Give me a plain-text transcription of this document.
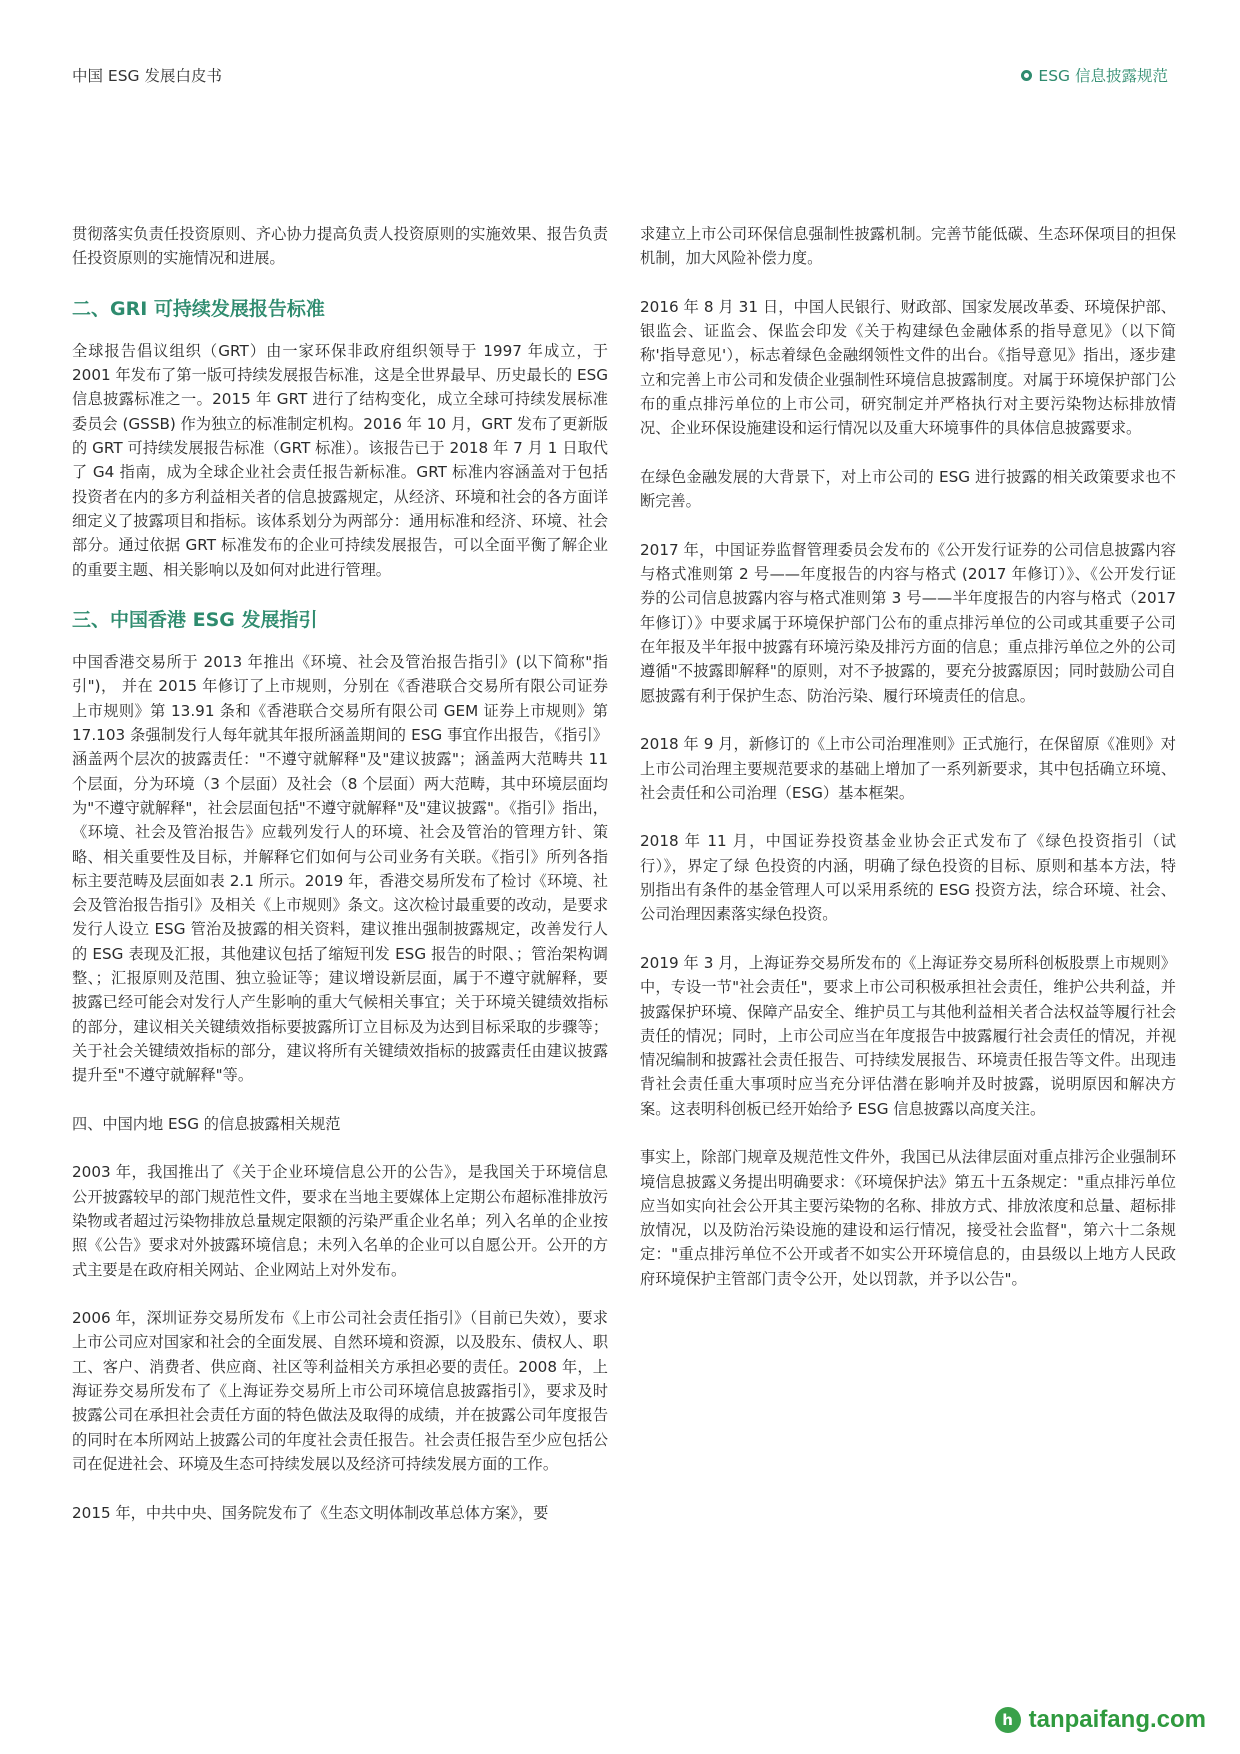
中国 ESG 发展白皮书	ESG 信息披露规范

贯彻落实负责任投资原则、齐心协力提高负责人投资原则的实施效果、报告负责任投资原则的实施情况和进展。

二、GRI 可持续发展报告标准

全球报告倡议组织（GRT）由一家环保非政府组织领导于 1997 年成立，于 2001 年发布了第一版可持续发展报告标准，这是全世界最早、历史最长的 ESG 信息披露标准之一。2015 年 GRT 进行了结构变化，成立全球可持续发展标准委员会 (GSSB) 作为独立的标准制定机构。2016 年 10 月，GRT 发布了更新版的 GRT 可持续发展报告标准（GRT 标准）。该报告已于 2018 年 7 月 1 日取代了 G4 指南，成为全球企业社会责任报告新标准。GRT 标准内容涵盖对于包括投资者在内的多方利益相关者的信息披露规定，从经济、环境和社会的各方面详细定义了披露项目和指标。该体系划分为两部分：通用标准和经济、环境、社会部分。通过依据 GRT 标准发布的企业可持续发展报告，可以全面平衡了解企业的重要主题、相关影响以及如何对此进行管理。

三、中国香港 ESG 发展指引

中国香港交易所于 2013 年推出《环境、社会及管治报告指引》(以下简称"指引")， 并在 2015 年修订了上市规则，分别在《香港联合交易所有限公司证券上市规则》第 13.91 条和《香港联合交易所有限公司 GEM 证券上市规则》第 17.103 条强制发行人每年就其年报所涵盖期间的 ESG 事宜作出报告，《指引》涵盖两个层次的披露责任："不遵守就解释"及"建议披露"；涵盖两大范畴共 11 个层面，分为环境（3 个层面）及社会（8 个层面）两大范畴，其中环境层面均为"不遵守就解释"，社会层面包括"不遵守就解释"及"建议披露"。《指引》指出，《环境、社会及管治报告》应载列发行人的环境、社会及管治的管理方针、策略、相关重要性及目标，并解释它们如何与公司业务有关联。《指引》所列各指标主要范畴及层面如表 2.1 所示。2019 年，香港交易所发布了检讨《环境、社会及管治报告指引》及相关《上市规则》条文。这次检讨最重要的改动，是要求发行人设立 ESG 管治及披露的相关资料，建议推出强制披露规定，改善发行人的 ESG 表现及汇报，其他建议包括了缩短刊发 ESG 报告的时限、；管治架构调整、；汇报原则及范围、独立验证等；建议增设新层面，属于不遵守就解释，要披露已经可能会对发行人产生影响的重大气候相关事宜；关于环境关键绩效指标的部分，建议相关关键绩效指标要披露所订立目标及为达到目标采取的步骤等；关于社会关键绩效指标的部分，建议将所有关键绩效指标的披露责任由建议披露提升至"不遵守就解释"等。

四、中国内地 ESG 的信息披露相关规范

2003 年，我国推出了《关于企业环境信息公开的公告》，是我国关于环境信息公开披露较早的部门规范性文件，要求在当地主要媒体上定期公布超标准排放污染物或者超过污染物排放总量规定限额的污染严重企业名单；列入名单的企业按照《公告》要求对外披露环境信息；未列入名单的企业可以自愿公开。公开的方式主要是在政府相关网站、企业网站上对外发布。

2006 年，深圳证券交易所发布《上市公司社会责任指引》（目前已失效），要求上市公司应对国家和社会的全面发展、自然环境和资源，以及股东、债权人、职工、客户、消费者、供应商、社区等利益相关方承担必要的责任。2008 年，上海证券交易所发布了《上海证券交易所上市公司环境信息披露指引》，要求及时披露公司在承担社会责任方面的特色做法及取得的成绩，并在披露公司年度报告的同时在本所网站上披露公司的年度社会责任报告。社会责任报告至少应包括公司在促进社会、环境及生态可持续发展以及经济可持续发展方面的工作。

2015 年，中共中央、国务院发布了《生态文明体制改革总体方案》，要

求建立上市公司环保信息强制性披露机制。完善节能低碳、生态环保项目的担保机制，加大风险补偿力度。

2016 年 8 月 31 日，中国人民银行、财政部、国家发展改革委、环境保护部、银监会、证监会、保监会印发《关于构建绿色金融体系的指导意见》（以下简称'指导意见'），标志着绿色金融纲领性文件的出台。《指导意见》指出，逐步建立和完善上市公司和发债企业强制性环境信息披露制度。对属于环境保护部门公布的重点排污单位的上市公司，研究制定并严格执行对主要污染物达标排放情况、企业环保设施建设和运行情况以及重大环境事件的具体信息披露要求。

在绿色金融发展的大背景下，对上市公司的 ESG 进行披露的相关政策要求也不断完善。

2017 年，中国证券监督管理委员会发布的《公开发行证券的公司信息披露内容与格式准则第 2 号——年度报告的内容与格式 (2017 年修订）》、《公开发行证券的公司信息披露内容与格式准则第 3 号——半年度报告的内容与格式（2017 年修订）》中要求属于环境保护部门公布的重点排污单位的公司或其重要子公司在年报及半年报中披露有环境污染及排污方面的信息；重点排污单位之外的公司遵循"不披露即解释"的原则，对不予披露的，要充分披露原因；同时鼓励公司自愿披露有利于保护生态、防治污染、履行环境责任的信息。

2018 年 9 月，新修订的《上市公司治理准则》正式施行，在保留原《准则》对上市公司治理主要规范要求的基础上增加了一系列新要求，其中包括确立环境、社会责任和公司治理（ESG）基本框架。

2018 年 11 月，中国证券投资基金业协会正式发布了《绿色投资指引（试行）》，界定了绿 色投资的内涵，明确了绿色投资的目标、原则和基本方法，特别指出有条件的基金管理人可以采用系统的 ESG 投资方法，综合环境、社会、公司治理因素落实绿色投资。

2019 年 3 月，上海证券交易所发布的《上海证券交易所科创板股票上市规则》中，专设一节"社会责任"，要求上市公司积极承担社会责任，维护公共利益，并披露保护环境、保障产品安全、维护员工与其他利益相关者合法权益等履行社会责任的情况；同时，上市公司应当在年度报告中披露履行社会责任的情况，并视情况编制和披露社会责任报告、可持续发展报告、环境责任报告等文件。出现违背社会责任重大事项时应当充分评估潜在影响并及时披露，说明原因和解决方案。这表明科创板已经开始给予 ESG 信息披露以高度关注。

事实上，除部门规章及规范性文件外，我国已从法律层面对重点排污企业强制环境信息披露义务提出明确要求：《环境保护法》第五十五条规定："重点排污单位应当如实向社会公开其主要污染物的名称、排放方式、排放浓度和总量、超标排放情况，以及防治污染设施的建设和运行情况，接受社会监督"，第六十二条规定："重点排污单位不公开或者不如实公开环境信息的，由县级以上地方人民政府环境保护主管部门责令公开，处以罚款，并予以公告"。

h tanpaifang.com
